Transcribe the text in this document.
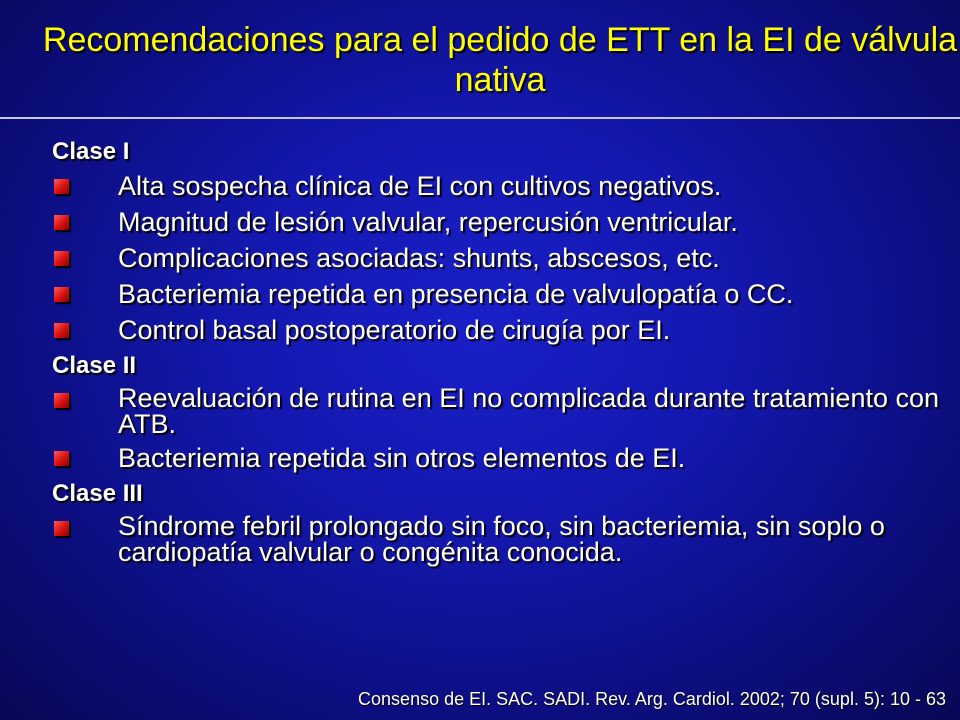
Recomendaciones para el pedido de ETT en la EI de válvula nativa
Clase I
Alta sospecha clínica de EI con cultivos negativos.
Magnitud de lesión valvular, repercusión ventricular.
Complicaciones asociadas: shunts, abscesos, etc.
Bacteriemia repetida en presencia de valvulopatía o CC.
Control basal postoperatorio de cirugía por EI.
Clase II
Reevaluación de rutina en EI no complicada durante tratamiento con ATB.
Bacteriemia repetida sin otros elementos de EI.
Clase III
Síndrome febril prolongado sin foco, sin bacteriemia, sin soplo o cardiopatía valvular o congénita conocida.
Consenso de EI. SAC. SADI. Rev. Arg. Cardiol. 2002; 70 (supl. 5): 10 - 63
